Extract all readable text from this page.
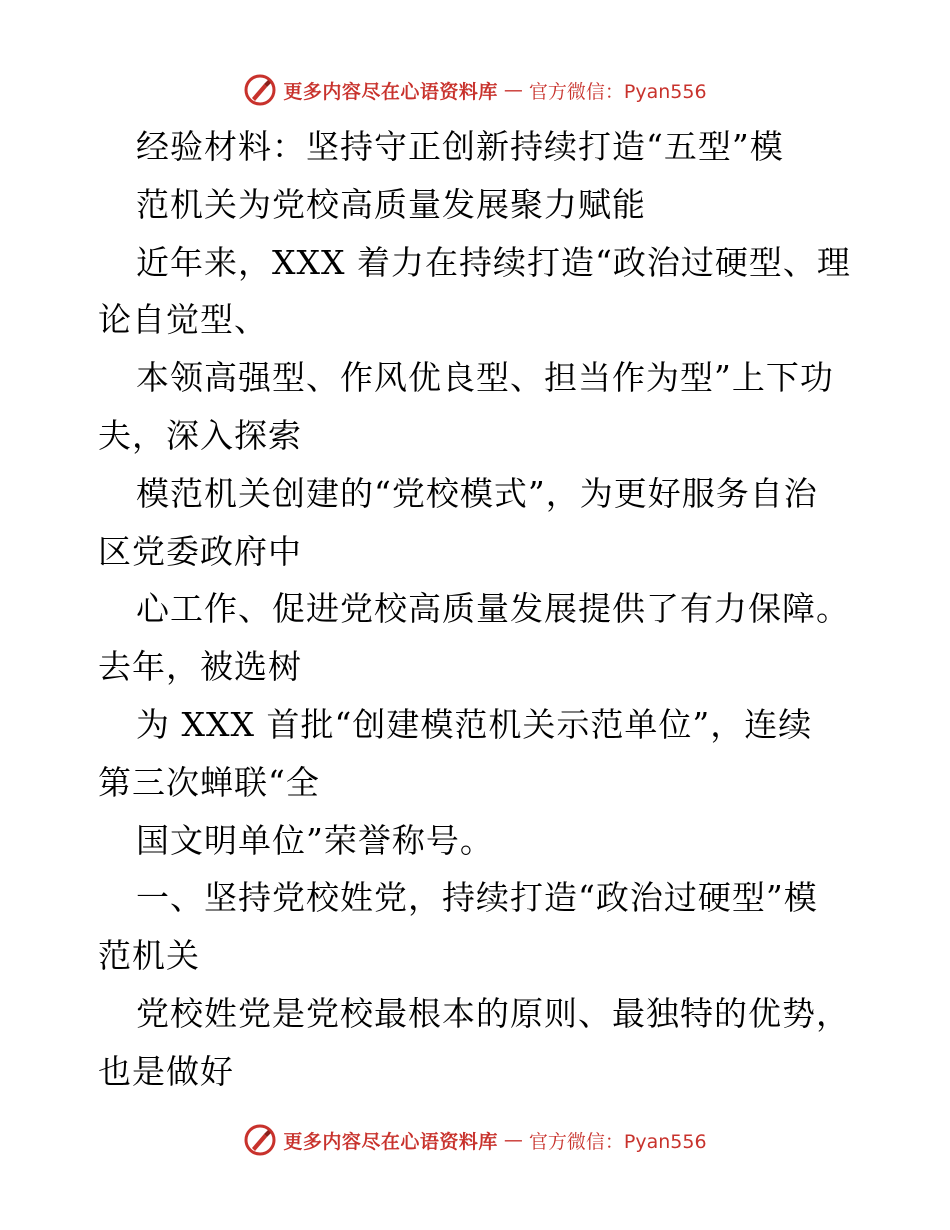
更多内容尽在心语资料库 — 官方微信：Pyan556
经验材料：坚持守正创新持续打造“五型”模
范机关为党校高质量发展聚力赋能
近年来，XXX 着力在持续打造“政治过硬型、理
论自觉型、
本领高强型、作风优良型、担当作为型”上下功
夫，深入探索
模范机关创建的“党校模式”，为更好服务自治
区党委政府中
心工作、促进党校高质量发展提供了有力保障。
去年，被选树
为 XXX 首批“创建模范机关示范单位”，连续
第三次蝉联“全
国文明单位”荣誉称号。
一、坚持党校姓党，持续打造“政治过硬型”模
范机关
党校姓党是党校最根本的原则、最独特的优势，
也是做好
更多内容尽在心语资料库 — 官方微信：Pyan556
